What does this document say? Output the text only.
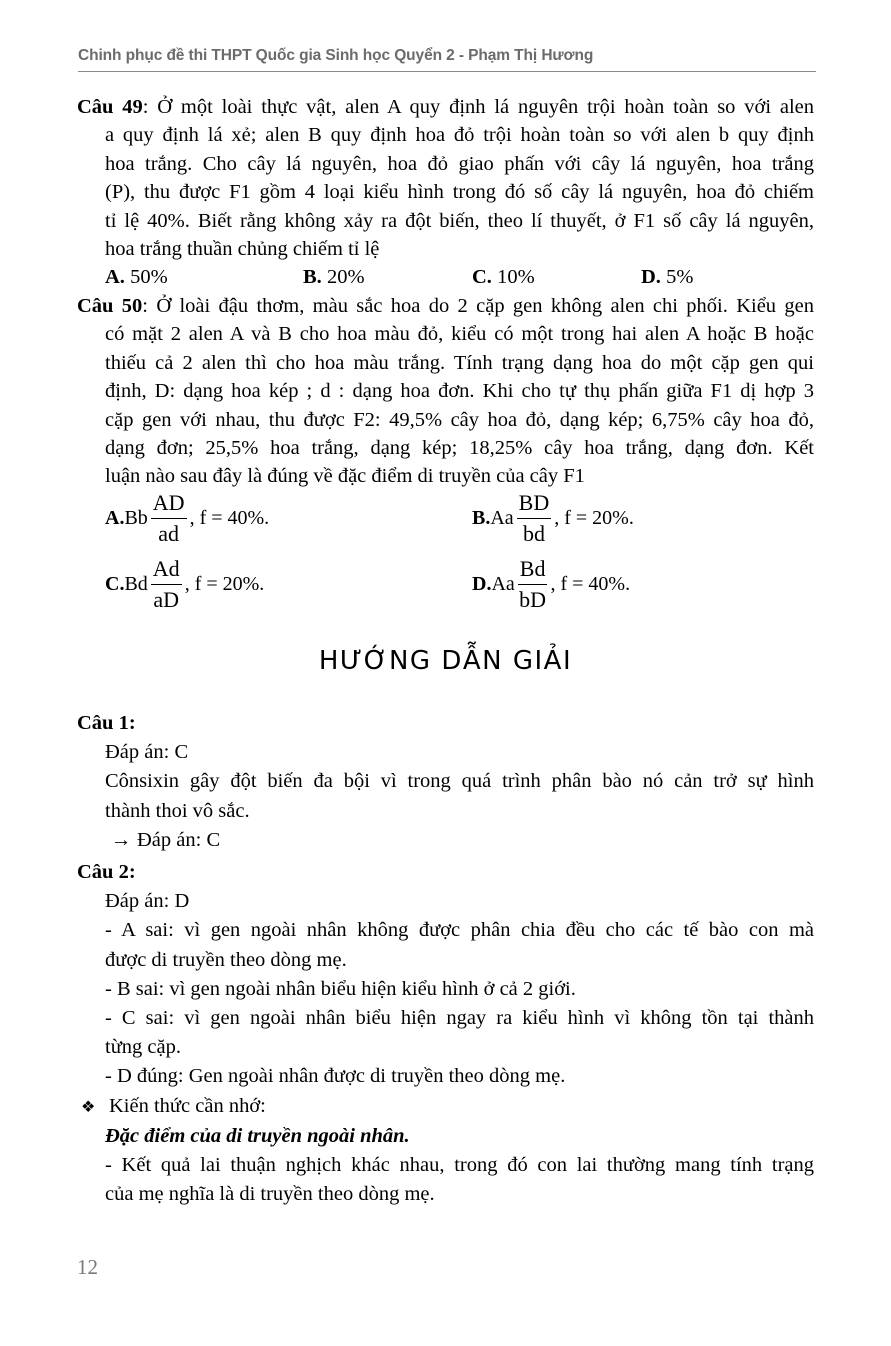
Chinh phục đề thi THPT Quốc gia Sinh học Quyển 2 - Phạm Thị Hương
Câu 49: Ở một loài thực vật, alen A quy định lá nguyên trội hoàn toàn so với alen
a quy định lá xẻ; alen B quy định hoa đỏ trội hoàn toàn so với alen b quy định
hoa trắng. Cho cây lá nguyên, hoa đỏ giao phấn với cây lá nguyên, hoa trắng
(P), thu được F1 gồm 4 loại kiểu hình trong đó số cây lá nguyên, hoa đỏ chiếm
tỉ lệ 40%. Biết rằng không xảy ra đột biến, theo lí thuyết, ở F1 số cây lá nguyên,
hoa trắng thuần chủng chiếm tỉ lệ
A. 50%	B. 20%	C. 10%	D. 5%
Câu 50: Ở loài đậu thơm, màu sắc hoa do 2 cặp gen không alen chi phối. Kiểu gen
có mặt 2 alen A và B cho hoa màu đỏ, kiểu có một trong hai alen A hoặc B hoặc
thiếu cả 2 alen thì cho hoa màu trắng. Tính trạng dạng hoa do một cặp gen qui
định, D: dạng hoa kép ; d : dạng hoa đơn. Khi cho tự thụ phấn giữa F1 dị hợp 3
cặp gen với nhau, thu được F2: 49,5% cây hoa đỏ, dạng kép; 6,75% cây hoa đỏ,
dạng đơn; 25,5% hoa trắng, dạng kép; 18,25% cây hoa trắng, dạng đơn. Kết
luận nào sau đây là đúng về đặc điểm di truyền của cây F1
A. Bb $\frac{AD}{ad}$ , f = 40%.	B. Aa $\frac{BD}{bd}$ , f = 20%.
C. Bd $\frac{Ad}{aD}$ , f = 20%.	D. Aa $\frac{Bd}{bD}$ , f = 40%.
HƯỚNG DẪN GIẢI
Câu 1:
Đáp án: C
Cônsixin gây đột biến đa bội vì trong quá trình phân bào nó cản trở sự hình
thành thoi vô sắc.
→ Đáp án: C
Câu 2:
Đáp án: D
- A sai: vì gen ngoài nhân không được phân chia đều cho các tế bào con mà
được di truyền theo dòng mẹ.
- B sai: vì gen ngoài nhân biểu hiện kiểu hình ở cả 2 giới.
- C sai: vì gen ngoài nhân biểu hiện ngay ra kiểu hình vì không tồn tại thành
từng cặp.
- D đúng: Gen ngoài nhân được di truyền theo dòng mẹ.
❖ Kiến thức cần nhớ:
Đặc điểm của di truyền ngoài nhân.
- Kết quả lai thuận nghịch khác nhau, trong đó con lai thường mang tính trạng
của mẹ nghĩa là di truyền theo dòng mẹ.
12
